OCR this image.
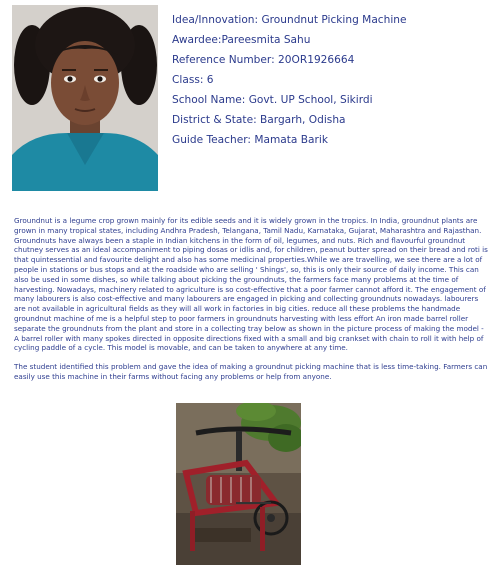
Idea/Innovation: Groundnut Picking Machine
Awardee:Pareesmita Sahu
Reference Number: 20OR1926664
Class: 6
School Name: Govt. UP School, Sikirdi
District & State: Bargarh, Odisha
Guide Teacher: Mamata Barik

Groundnut is a legume crop grown mainly for its edible seeds and it is widely grown in the tropics. In India, groundnut plants are grown in many tropical states, including Andhra Pradesh, Telangana, Tamil Nadu, Karnataka, Gujarat, Maharashtra and Rajasthan. Groundnuts have always been a staple in Indian kitchens in the form of oil, legumes, and nuts. Rich and flavourful groundnut chutney serves as an ideal accompaniment to piping dosas or idlis and, for children, peanut butter spread on their bread and roti is that quintessential and favourite delight and also has some medicinal properties.While we are travelling, we see there are a lot of people in stations or bus stops and at the roadside who are selling ' Shings', so, this is only their source of daily income. This can also be used in some dishes, so while talking about picking the groundnuts, the farmers face many problems at the time of harvesting. Nowadays, machinery related to agriculture is so cost-effective that a poor farmer cannot afford it. The engagement of many labourers is also cost-effective and many labourers are engaged in picking and collecting groundnuts nowadays. labourers are not available in agricultural fields as they will all work in factories in big cities. reduce all these problems the handmade groundnut machine of me is a helpful step to poor farmers in groundnuts harvesting with less effort An iron made barrel roller separate the groundnuts from the plant and store in a collecting tray below as shown in the picture process of making the model - A barrel roller with many spokes directed in opposite directions fixed with a small and big crankset with chain to roll it with help of cycling paddle of a cycle. This model is movable, and can be taken to anywhere at any time.

The student identified this problem and gave the idea of making a groundnut picking machine that is less time-taking. Farmers can easily use this machine in their farms without facing any problems or help from anyone.
